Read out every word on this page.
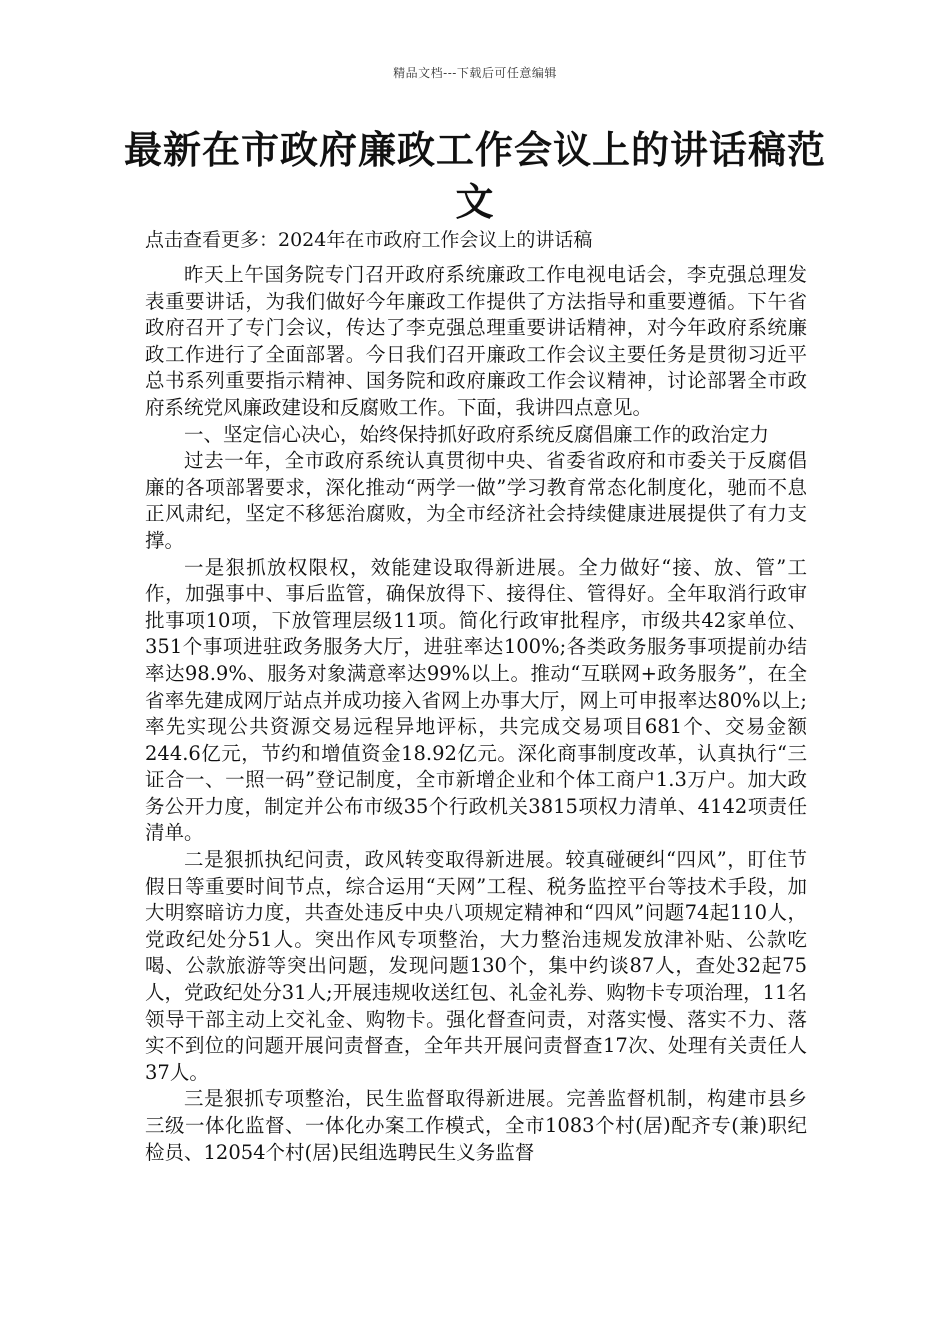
精品文档---下载后可任意编辑
最新在市政府廉政工作会议上的讲话稿范文
点击查看更多：2024年在市政府工作会议上的讲话稿

昨天上午国务院专门召开政府系统廉政工作电视电话会，李克强总理发表重要讲话，为我们做好今年廉政工作提供了方法指导和重要遵循。下午省政府召开了专门会议，传达了李克强总理重要讲话精神，对今年政府系统廉政工作进行了全面部署。今日我们召开廉政工作会议主要任务是贯彻习近平总书系列重要指示精神、国务院和政府廉政工作会议精神，讨论部署全市政府系统党风廉政建设和反腐败工作。下面，我讲四点意见。

一、坚定信心决心，始终保持抓好政府系统反腐倡廉工作的政治定力

过去一年，全市政府系统认真贯彻中央、省委省政府和市委关于反腐倡廉的各项部署要求，深化推动“两学一做”学习教育常态化制度化，驰而不息正风肃纪，坚定不移惩治腐败，为全市经济社会持续健康进展提供了有力支撑。

一是狠抓放权限权，效能建设取得新进展。全力做好“接、放、管”工作，加强事中、事后监管，确保放得下、接得住、管得好。全年取消行政审批事项10项，下放管理层级11项。简化行政审批程序，市级共42家单位、351个事项进驻政务服务大厅，进驻率达100%;各类政务服务事项提前办结率达98.9%、服务对象满意率达99%以上。推动“互联网+政务服务”，在全省率先建成网厅站点并成功接入省网上办事大厅，网上可申报率达80%以上;率先实现公共资源交易远程异地评标，共完成交易项目681个、交易金额244.6亿元，节约和增值资金18.92亿元。深化商事制度改革，认真执行“三证合一、一照一码”登记制度，全市新增企业和个体工商户1.3万户。加大政务公开力度，制定并公布市级35个行政机关3815项权力清单、4142项责任清单。

二是狠抓执纪问责，政风转变取得新进展。较真碰硬纠“四风”，盯住节假日等重要时间节点，综合运用“天网”工程、税务监控平台等技术手段，加大明察暗访力度，共查处违反中央八项规定精神和“四风”问题74起110人，党政纪处分51人。突出作风专项整治，大力整治违规发放津补贴、公款吃喝、公款旅游等突出问题，发现问题130个，集中约谈87人，查处32起75人，党政纪处分31人;开展违规收送红包、礼金礼券、购物卡专项治理，11名领导干部主动上交礼金、购物卡。强化督查问责，对落实慢、落实不力、落实不到位的问题开展问责督查，全年共开展问责督查17次、处理有关责任人37人。

三是狠抓专项整治，民生监督取得新进展。完善监督机制，构建市县乡三级一体化监督、一体化办案工作模式，全市1083个村(居)配齐专(兼)职纪检员、12054个村(居)民组选聘民生义务监督
